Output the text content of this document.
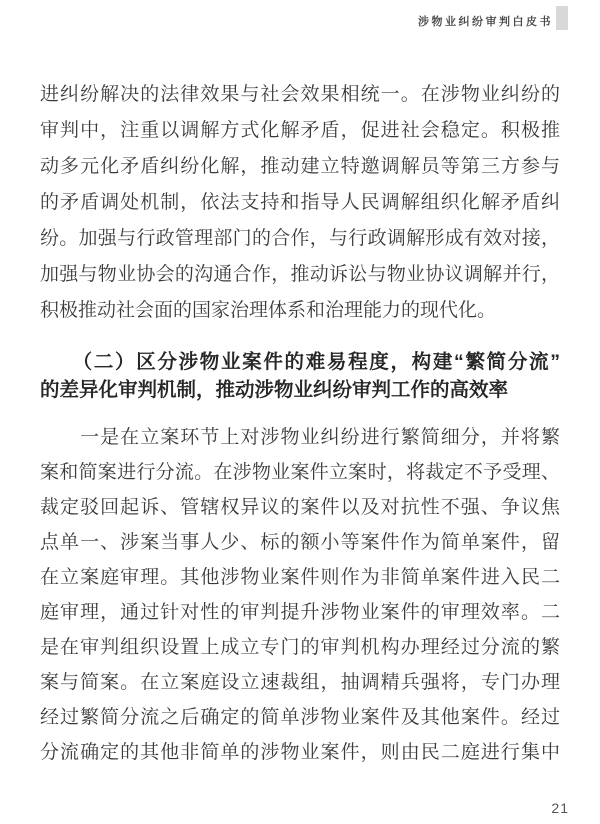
涉物业纠纷审判白皮书
进纠纷解决的法律效果与社会效果相统一。在涉物业纠纷的
审判中，注重以调解方式化解矛盾，促进社会稳定。积极推
动多元化矛盾纠纷化解，推动建立特邀调解员等第三方参与
的矛盾调处机制，依法支持和指导人民调解组织化解矛盾纠
纷。加强与行政管理部门的合作，与行政调解形成有效对接，
加强与物业协会的沟通合作，推动诉讼与物业协议调解并行，
积极推动社会面的国家治理体系和治理能力的现代化。
　　（二）区分涉物业案件的难易程度，构建“繁简分流”
的差异化审判机制，推动涉物业纠纷审判工作的高效率
　　一是在立案环节上对涉物业纠纷进行繁简细分，并将繁
案和简案进行分流。在涉物业案件立案时，将裁定不予受理、
裁定驳回起诉、管辖权异议的案件以及对抗性不强、争议焦
点单一、涉案当事人少、标的额小等案件作为简单案件，留
在立案庭审理。其他涉物业案件则作为非简单案件进入民二
庭审理，通过针对性的审判提升涉物业案件的审理效率。二
是在审判组织设置上成立专门的审判机构办理经过分流的繁
案与简案。在立案庭设立速裁组，抽调精兵强将，专门办理
经过繁简分流之后确定的简单涉物业案件及其他案件。经过
分流确定的其他非简单的涉物业案件，则由民二庭进行集中
21
